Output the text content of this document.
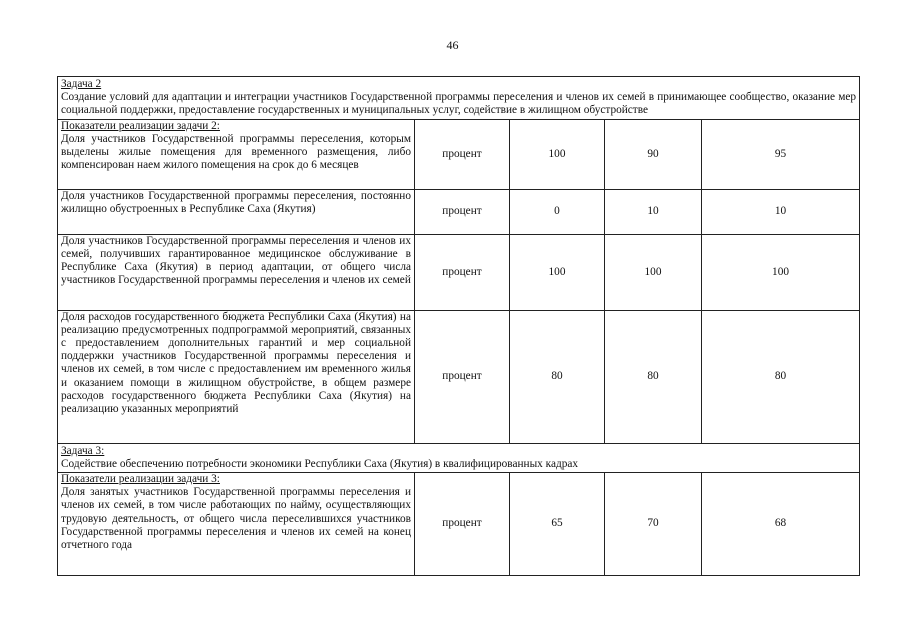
46
Задача 2
Создание условий для адаптации и интеграции участников Государственной программы переселения и членов их семей в принимающее сообщество, оказание мер социальной поддержки, предоставление государственных и муниципальных услуг, содействие в жилищном обустройстве				

Показатели реализации задачи 2:
Доля участников Государственной программы переселения, которым выделены жилые помещения для временного размещения, либо компенсирован наем жилого помещения на срок до 6 месяцев	процент	100	90	95

Доля участников Государственной программы переселения, постоянно жилищно обустроенных в Республике Саха (Якутия)	процент	0	10	10

Доля участников Государственной программы переселения и членов их семей, получивших гарантированное медицинское обслуживание в Республике Саха (Якутия) в период адаптации, от общего числа участников Государственной программы переселения и членов их семей	процент	100	100	100

Доля расходов государственного бюджета Республики Саха (Якутия) на реализацию предусмотренных подпрограммой мероприятий, связанных с предоставлением дополнительных гарантий и мер социальной поддержки участников Государственной программы переселения и членов их семей, в том числе с предоставлением им временного жилья и оказанием помощи в жилищном обустройстве, в общем размере расходов государственного бюджета Республики Саха (Якутия) на реализацию указанных мероприятий	процент	80	80	80

Задача 3:
Содействие обеспечению потребности экономики Республики Саха (Якутия) в квалифицированных кадрах				

Показатели реализации задачи 3:
Доля занятых участников Государственной программы переселения и членов их семей, в том числе работающих по найму, осуществляющих трудовую деятельность, от общего числа переселившихся участников Государственной программы переселения и членов их семей на конец отчетного года	процент	65	70	68
